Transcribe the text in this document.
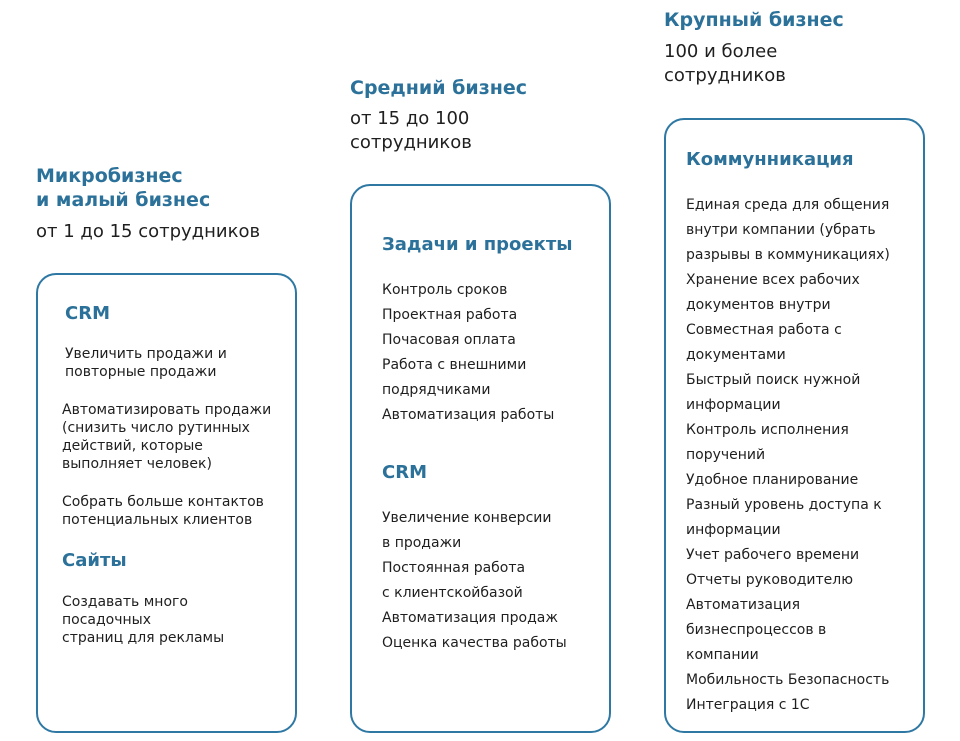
Микробизнес
и малый бизнес

от 1 до 15 сотрудников

CRM

Увеличить продажи и
повторные продажи

Автоматизировать продажи
(снизить число рутинных
действий, которые
выполняет человек)

Собрать больше контактов
потенциальных клиентов

Сайты

Создавать много
посадочных
страниц для рекламы

Средний бизнес

от 15 до 100
сотрудников

Задачи и проекты
Контроль сроков
Проектная работа
Почасовая оплата
Работа с внешними
подрядчиками
Автоматизация работы
CRM
Увеличение конверсии
в продажи
Постоянная работа
с клиентскойбазой
Автоматизация продаж
Оценка качества работы
Крупный бизнес

100 и более
сотрудников

Коммунникация
Единая среда для общения
внутри компании (убрать
разрывы в коммуникациях)
Хранение всех рабочих
документов внутри
Совместная работа с
документами
Быстрый поиск нужной
информации
Контроль исполнения
поручений
Удобное планирование
Разный уровень доступа к
информации
Учет рабочего времени
Отчеты руководителю
Автоматизация
бизнеспроцессов в
компании
Мобильность Безопасность
Интеграция с 1С
